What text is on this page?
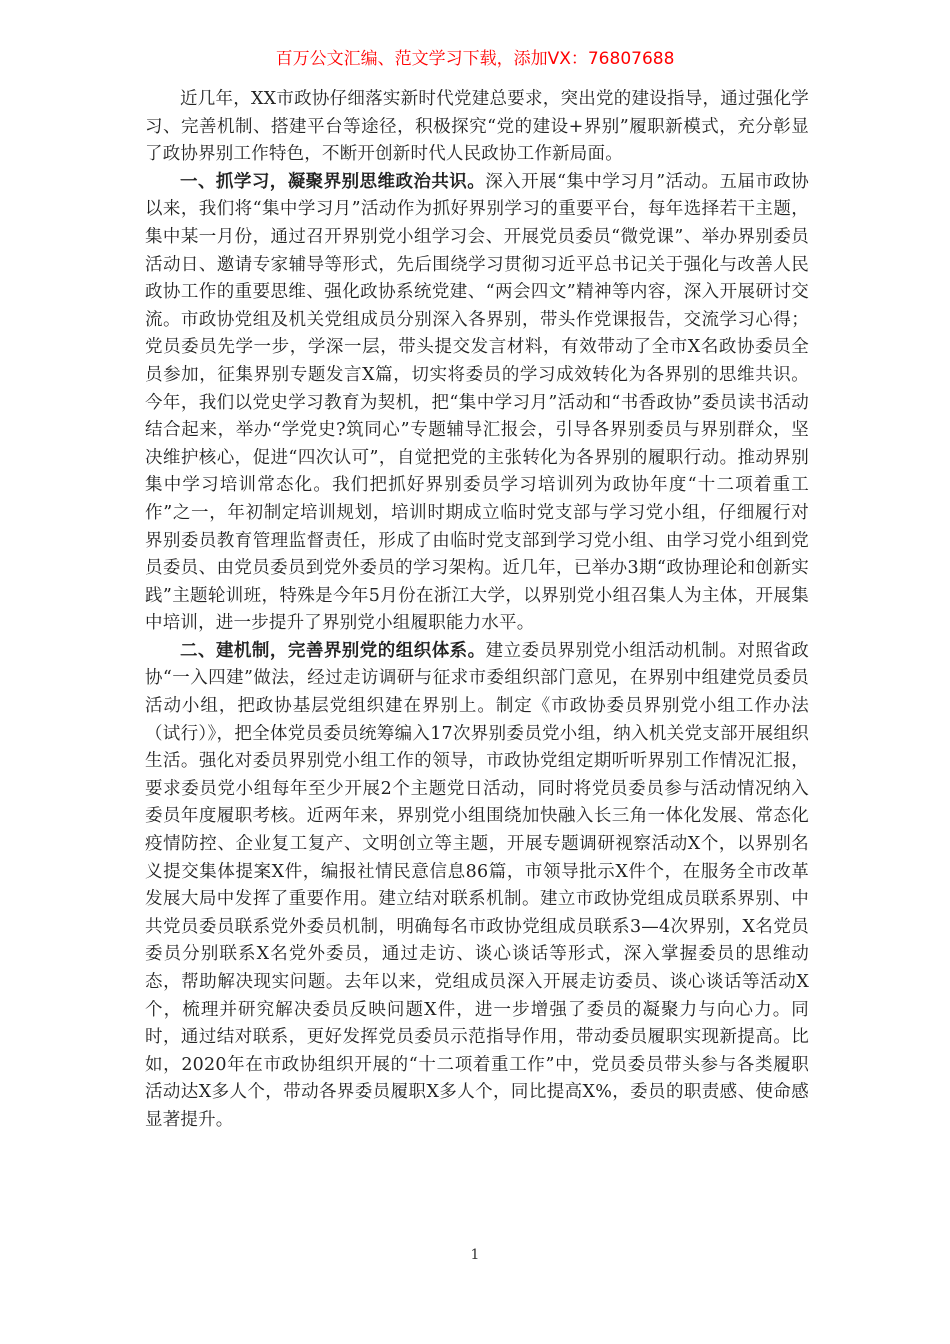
百万公文汇编、范文学习下载，添加VX：76807688

近几年，XX市政协仔细落实新时代党建总要求，突出党的建设指导，通过强化学习、完善机制、搭建平台等途径，积极探究“党的建设+界别”履职新模式，充分彰显了政协界别工作特色，不断开创新时代人民政协工作新局面。

一、抓学习，凝聚界别思维政治共识。深入开展“集中学习月”活动。五届市政协以来，我们将“集中学习月”活动作为抓好界别学习的重要平台，每年选择若干主题，集中某一月份，通过召开界别党小组学习会、开展党员委员“微党课”、举办界别委员活动日、邀请专家辅导等形式，先后围绕学习贯彻习近平总书记关于强化与改善人民政协工作的重要思维、强化政协系统党建、“两会四文”精神等内容，深入开展研讨交流。市政协党组及机关党组成员分别深入各界别，带头作党课报告，交流学习心得；党员委员先学一步，学深一层，带头提交发言材料，有效带动了全市X名政协委员全员参加，征集界别专题发言X篇，切实将委员的学习成效转化为各界别的思维共识。今年，我们以党史学习教育为契机，把“集中学习月”活动和“书香政协”委员读书活动结合起来，举办“学党史?筑同心”专题辅导汇报会，引导各界别委员与界别群众，坚决维护核心，促进“四次认可”，自觉把党的主张转化为各界别的履职行动。推动界别集中学习培训常态化。我们把抓好界别委员学习培训列为政协年度“十二项着重工作”之一，年初制定培训规划，培训时期成立临时党支部与学习党小组，仔细履行对界别委员教育管理监督责任，形成了由临时党支部到学习党小组、由学习党小组到党员委员、由党员委员到党外委员的学习架构。近几年，已举办3期“政协理论和创新实践”主题轮训班，特殊是今年5月份在浙江大学，以界别党小组召集人为主体，开展集中培训，进一步提升了界别党小组履职能力水平。

二、建机制，完善界别党的组织体系。建立委员界别党小组活动机制。对照省政协“一入四建”做法，经过走访调研与征求市委组织部门意见，在界别中组建党员委员活动小组，把政协基层党组织建在界别上。制定《市政协委员界别党小组工作办法（试行）》，把全体党员委员统筹编入17次界别委员党小组，纳入机关党支部开展组织生活。强化对委员界别党小组工作的领导，市政协党组定期听听界别工作情况汇报，要求委员党小组每年至少开展2个主题党日活动，同时将党员委员参与活动情况纳入委员年度履职考核。近两年来，界别党小组围绕加快融入长三角一体化发展、常态化疫情防控、企业复工复产、文明创立等主题，开展专题调研视察活动X个，以界别名义提交集体提案X件，编报社情民意信息86篇，市领导批示X件个，在服务全市改革发展大局中发挥了重要作用。建立结对联系机制。建立市政协党组成员联系界别、中共党员委员联系党外委员机制，明确每名市政协党组成员联系3—4次界别，X名党员委员分别联系X名党外委员，通过走访、谈心谈话等形式，深入掌握委员的思维动态，帮助解决现实问题。去年以来，党组成员深入开展走访委员、谈心谈话等活动X个，梳理并研究解决委员反映问题X件，进一步增强了委员的凝聚力与向心力。同时，通过结对联系，更好发挥党员委员示范指导作用，带动委员履职实现新提高。比如，2020年在市政协组织开展的“十二项着重工作”中，党员委员带头参与各类履职活动达X多人个，带动各界委员履职X多人个，同比提高X%，委员的职责感、使命感显著提升。

1
